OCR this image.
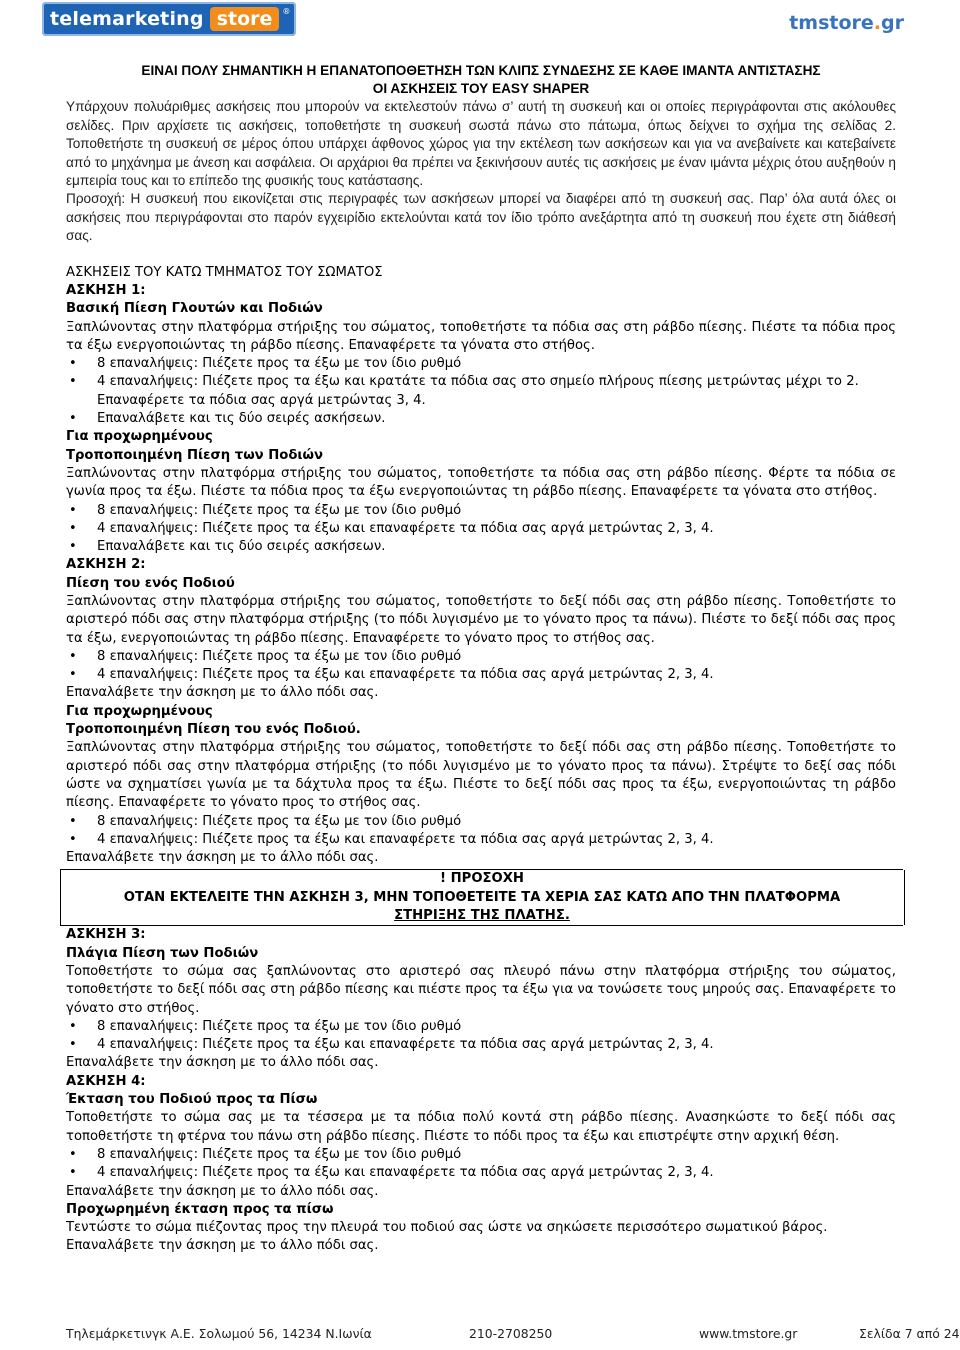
telemarketing store	®
tmstore.gr
ΕΙΝΑΙ ΠΟΛΥ ΣΗΜΑΝΤΙΚΗ Η ΕΠΑΝΑΤΟΠΟΘΕΤΗΣΗ ΤΩΝ ΚΛΙΠΣ ΣΥΝΔΕΣΗΣ ΣΕ ΚΑΘΕ ΙΜΑΝΤΑ ΑΝΤΙΣΤΑΣΗΣ
ΟΙ ΑΣΚΗΣΕΙΣ ΤΟΥ EASY SHAPER
Υπάρχουν πολυάριθμες ασκήσεις που μπορούν να εκτελεστούν πάνω σ’ αυτή τη συσκευή και οι οποίες περιγράφονται στις ακόλουθες σελίδες. Πριν αρχίσετε τις ασκήσεις, τοποθετήστε τη συσκευή σωστά πάνω στο πάτωμα, όπως δείχνει το σχήμα της σελίδας 2. Τοποθετήστε τη συσκευή σε μέρος όπου υπάρχει άφθονος χώρος για την εκτέλεση των ασκήσεων και για να ανεβαίνετε και κατεβαίνετε από το μηχάνημα με άνεση και ασφάλεια. Οι αρχάριοι θα πρέπει να ξεκινήσουν αυτές τις ασκήσεις με έναν ιμάντα μέχρις ότου αυξηθούν η εμπειρία τους και το επίπεδο της φυσικής τους κατάστασης.
Προσοχή: Η συσκευή που εικονίζεται στις περιγραφές των ασκήσεων μπορεί να διαφέρει από τη συσκευή σας. Παρ’ όλα αυτά όλες οι ασκήσεις που περιγράφονται στο παρόν εγχειρίδιο εκτελούνται κατά τον ίδιο τρόπο ανεξάρτητα από τη συσκευή που έχετε στη διάθεσή σας.
ΑΣΚΗΣΕΙΣ ΤΟΥ ΚΑΤΩ ΤΜΗΜΑΤΟΣ ΤΟΥ ΣΩΜΑΤΟΣ
ΑΣΚΗΣΗ 1:
Βασική Πίεση Γλουτών και Ποδιών
Ξαπλώνοντας στην πλατφόρμα στήριξης του σώματος, τοποθετήστε τα πόδια σας στη ράβδο πίεσης. Πιέστε τα πόδια προς τα έξω ενεργοποιώντας τη ράβδο πίεσης. Επαναφέρετε τα γόνατα στο στήθος.
• 8 επαναλήψεις: Πιέζετε προς τα έξω με τον ίδιο ρυθμό
• 4 επαναλήψεις: Πιέζετε προς τα έξω και κρατάτε τα πόδια σας στο σημείο πλήρους πίεσης μετρώντας μέχρι το 2. Επαναφέρετε τα πόδια σας αργά μετρώντας 3, 4.
• Επαναλάβετε και τις δύο σειρές ασκήσεων.
Για προχωρημένους
Τροποποιημένη Πίεση των Ποδιών
Ξαπλώνοντας στην πλατφόρμα στήριξης του σώματος, τοποθετήστε τα πόδια σας στη ράβδο πίεσης. Φέρτε τα πόδια σε γωνία προς τα έξω. Πιέστε τα πόδια προς τα έξω ενεργοποιώντας τη ράβδο πίεσης. Επαναφέρετε τα γόνατα στο στήθος.
• 8 επαναλήψεις: Πιέζετε προς τα έξω με τον ίδιο ρυθμό
• 4 επαναλήψεις: Πιέζετε προς τα έξω και επαναφέρετε τα πόδια σας αργά μετρώντας 2, 3, 4.
• Επαναλάβετε και τις δύο σειρές ασκήσεων.
ΑΣΚΗΣΗ 2:
Πίεση του ενός Ποδιού
Ξαπλώνοντας στην πλατφόρμα στήριξης του σώματος, τοποθετήστε το δεξί πόδι σας στη ράβδο πίεσης. Τοποθετήστε το αριστερό πόδι σας στην πλατφόρμα στήριξης (το πόδι λυγισμένο με το γόνατο προς τα πάνω). Πιέστε το δεξί πόδι σας προς τα έξω, ενεργοποιώντας τη ράβδο πίεσης. Επαναφέρετε το γόνατο προς το στήθος σας.
• 8 επαναλήψεις: Πιέζετε προς τα έξω με τον ίδιο ρυθμό
• 4 επαναλήψεις: Πιέζετε προς τα έξω και επαναφέρετε τα πόδια σας αργά μετρώντας 2, 3, 4.
Επαναλάβετε την άσκηση με το άλλο πόδι σας.
Για προχωρημένους
Τροποποιημένη Πίεση του ενός Ποδιού.
Ξαπλώνοντας στην πλατφόρμα στήριξης του σώματος, τοποθετήστε το δεξί πόδι σας στη ράβδο πίεσης. Τοποθετήστε το αριστερό πόδι σας στην πλατφόρμα στήριξης (το πόδι λυγισμένο με το γόνατο προς τα πάνω). Στρέψτε το δεξί σας πόδι ώστε να σχηματίσει γωνία με τα δάχτυλα προς τα έξω. Πιέστε το δεξί πόδι σας προς τα έξω, ενεργοποιώντας τη ράβδο πίεσης. Επαναφέρετε το γόνατο προς το στήθος σας.
• 8 επαναλήψεις: Πιέζετε προς τα έξω με τον ίδιο ρυθμό
• 4 επαναλήψεις: Πιέζετε προς τα έξω και επαναφέρετε τα πόδια σας αργά μετρώντας 2, 3, 4.
Επαναλάβετε την άσκηση με το άλλο πόδι σας.
! ΠΡΟΣΟΧΗ
ΟΤΑΝ ΕΚΤΕΛΕΙΤΕ ΤΗΝ ΑΣΚΗΣΗ 3, ΜΗΝ ΤΟΠΟΘΕΤΕΙΤΕ ΤΑ ΧΕΡΙΑ ΣΑΣ ΚΑΤΩ ΑΠΟ ΤΗΝ ΠΛΑΤΦΟΡΜΑ
ΣΤΗΡΙΞΗΣ ΤΗΣ ΠΛΑΤΗΣ.
ΑΣΚΗΣΗ 3:
Πλάγια Πίεση των Ποδιών
Τοποθετήστε το σώμα σας ξαπλώνοντας στο αριστερό σας πλευρό πάνω στην πλατφόρμα στήριξης του σώματος, τοποθετήστε το δεξί πόδι σας στη ράβδο πίεσης και πιέστε προς τα έξω για να τονώσετε τους μηρούς σας. Επαναφέρετε το γόνατο στο στήθος.
• 8 επαναλήψεις: Πιέζετε προς τα έξω με τον ίδιο ρυθμό
• 4 επαναλήψεις: Πιέζετε προς τα έξω και επαναφέρετε τα πόδια σας αργά μετρώντας 2, 3, 4.
Επαναλάβετε την άσκηση με το άλλο πόδι σας.
ΑΣΚΗΣΗ 4:
Έκταση του Ποδιού προς τα Πίσω
Τοποθετήστε το σώμα σας με τα τέσσερα με τα πόδια πολύ κοντά στη ράβδο πίεσης. Ανασηκώστε το δεξί πόδι σας τοποθετήστε τη φτέρνα του πάνω στη ράβδο πίεσης. Πιέστε το πόδι προς τα έξω και επιστρέψτε στην αρχική θέση.
• 8 επαναλήψεις: Πιέζετε προς τα έξω με τον ίδιο ρυθμό
• 4 επαναλήψεις: Πιέζετε προς τα έξω και επαναφέρετε τα πόδια σας αργά μετρώντας 2, 3, 4.
Επαναλάβετε την άσκηση με το άλλο πόδι σας.
Προχωρημένη έκταση προς τα πίσω
Τεντώστε το σώμα πιέζοντας προς την πλευρά του ποδιού σας ώστε να σηκώσετε περισσότερο σωματικού βάρος.
Επαναλάβετε την άσκηση με το άλλο πόδι σας.
Τηλεμάρκετινγκ Α.Ε. Σολωμού 56, 14234 Ν.Ιωνία	210-2708250	www.tmstore.gr	Σελίδα 7 από 24
